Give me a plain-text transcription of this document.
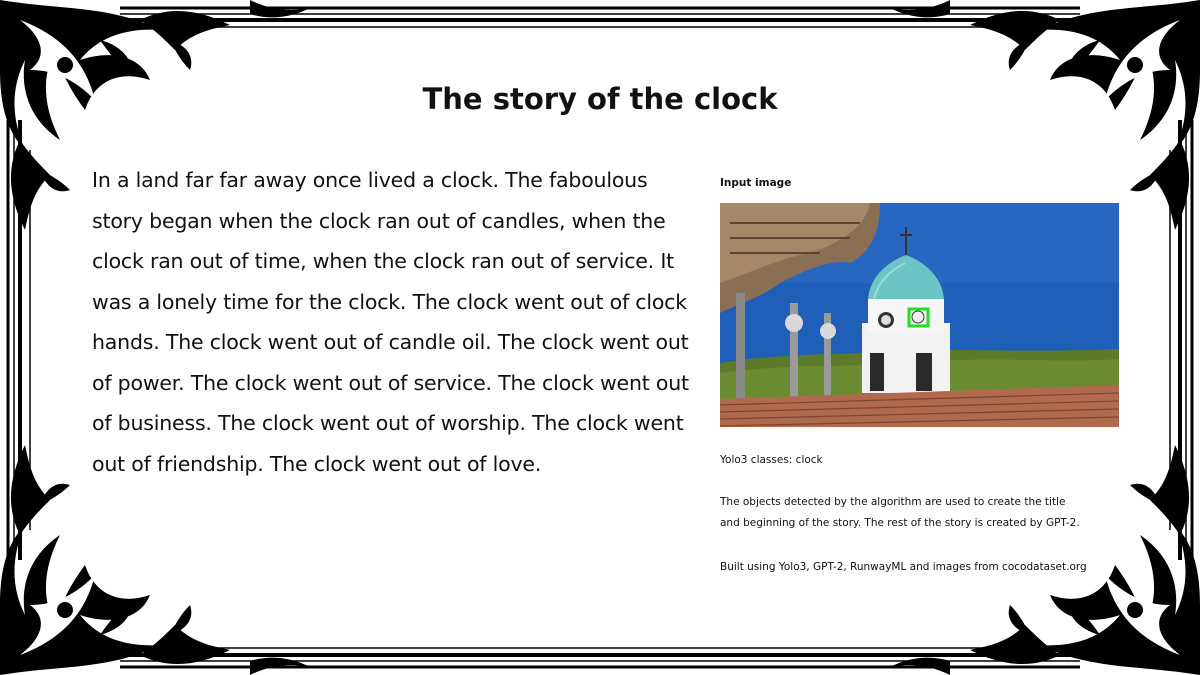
The story of the clock

In a land far far away once lived a clock. The faboulous story began when the clock ran out of candles, when the clock ran out of time, when the clock ran out of service. It was a lonely time for the clock. The clock went out of clock hands. The clock went out of candle oil. The clock went out of power. The clock went out of service. The clock went out of business. The clock went out of worship. The clock went out of friendship. The clock went out of love.

Input image
Yolo3 classes: clock
The objects detected by the algorithm are used to create the title
and beginning of the story. The rest of the story is created by GPT-2.
Built using Yolo3, GPT-2, RunwayML and images from cocodataset.org
